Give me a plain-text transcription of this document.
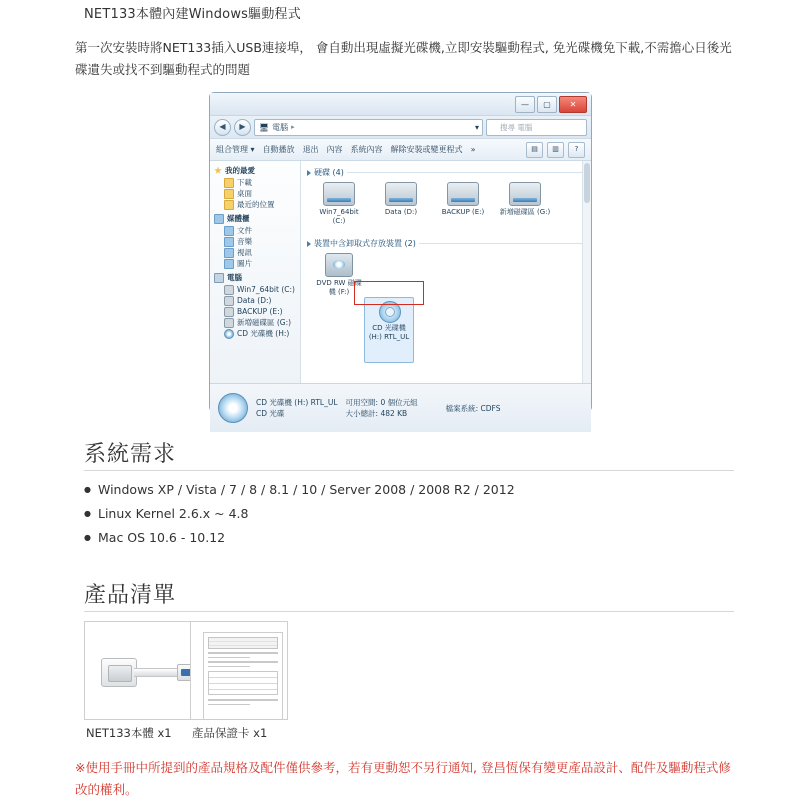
NET133本體內建Windows驅動程式
第一次安裝時將NET133插入USB連接埠， 會自動出現虛擬光碟機,立即安裝驅動程式, 免光碟機免下載,不需擔心日後光碟遺失或找不到驅動程式的問題
—	▢	✕
◀	▶	🖥 電腦 ▸	▾	搜尋 電腦
組合管理 ▾ 自動播放 退出 內容 系統內容 解除安裝或變更程式 »	▤	▥	?
我的最愛
下載
桌面
最近的位置
媒體櫃
文件
音樂
視訊
圖片
電腦
Win7_64bit (C:)
Data (D:)
BACKUP (E:)
新増磁碟區 (G:)
CD 光碟機 (H:)
硬碟 (4)
Win7_64bit (C:)
Data (D:)	BACKUP (E:)	新増磁碟區 (G:)
裝置中含卸取式存放裝置 (2)
DVD RW 磁碟機 (F:)
CD 光碟機 (H:) RTL_UL
CD 光碟機 (H:) RTL_UL
CD 光碟
可用空間: 0 個位元組
大小總計: 482 KB
檔案系統: CDFS
系統需求
● Windows XP / Vista / 7 / 8 / 8.1 / 10 / Server 2008 / 2008 R2 / 2012
● Linux Kernel 2.6.x ~ 4.8
● Mac OS 10.6 - 10.12
產品清單
NET133本體 x1 產品保證卡 x1
※使用手冊中所提到的產品規格及配件僅供參考，若有更動恕不另行通知, 登昌恆保有變更產品設計、配件及驅動程式修改的權利。
